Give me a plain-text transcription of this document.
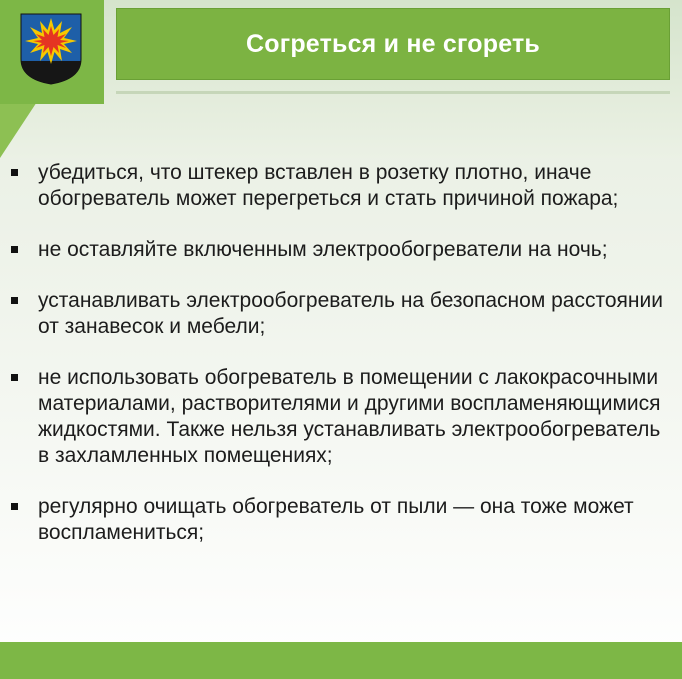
Согреться и не сгореть
убедиться, что штекер вставлен в розетку плотно, иначе обогреватель может перегреться и стать причиной пожара;
не оставляйте включенным электрообогреватели на ночь;
устанавливать электрообогреватель на безопасном расстоянии от занавесок и мебели;
не использовать обогреватель в помещении с лакокрасочными материалами, растворителями и другими воспламеняющимися жидкостями. Также нельзя устанавливать электрообогреватель в захламленных помещениях;
регулярно очищать обогреватель от пыли — она тоже может воспламениться;
